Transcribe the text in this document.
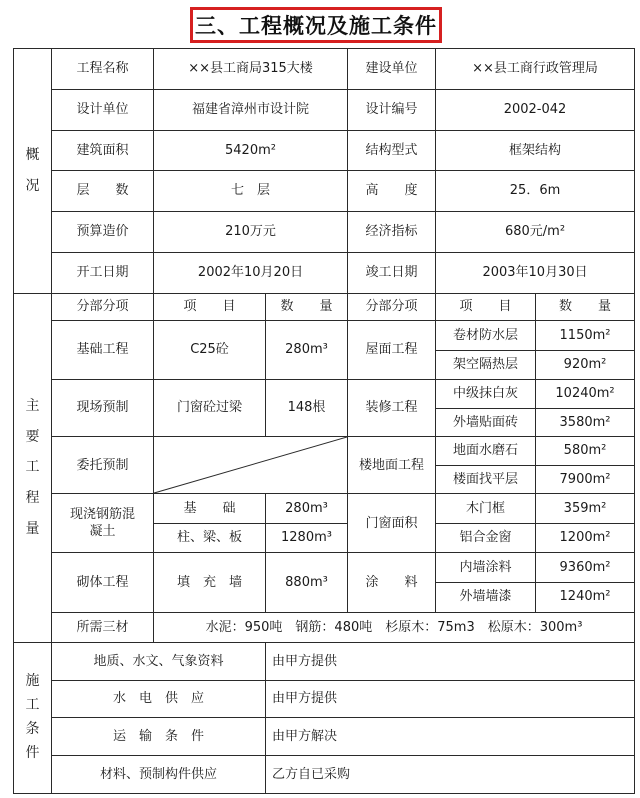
三、工程概况及施工条件
概况	工程名称	××县工商局315大楼		建设单位	××县工商行政管理局	
	设计单位	福建省漳州市设计院		设计编号	2002-042	
	建筑面积	5420m²		结构型式	框架结构	
	层　　数	七　层		高　　度	25．6m	
	预算造价	210万元		经济指标	680元/m²	
	开工日期	2002年10月20日		竣工日期	2003年10月30日	
主要工程量	分部分项	项　　目	数　　量	分部分项	项　　目	数　　量
	基础工程	C25砼	280m³	屋面工程	卷材防水层	1150m²
					架空隔热层	920m²
	现场预制	门窗砼过梁	148根	装修工程	中级抹白灰	10240m²
					外墙贴面砖	3580m²
	委托预制			楼地面工程	地面水磨石	580m²
					楼面找平层	7900m²
	现浇钢筋混凝土	基　　础	280m³	门窗面积	木门框	359m²
		柱、梁、板	1280m³		铝合金窗	1200m²
	砌体工程	填　充　墙	880m³	涂　　料	内墙涂料	9360m²
					外墙墙漆	1240m²
	所需三材	水泥：950吨　钢筋：480吨　杉原木：75m3　松原木：300m³				
施工条件	地质、水文、气象资料		由甲方提供			
	水　电　供　应		由甲方提供			
	运　输　条　件		由甲方解决			
	材料、预制构件供应		乙方自已采购			
